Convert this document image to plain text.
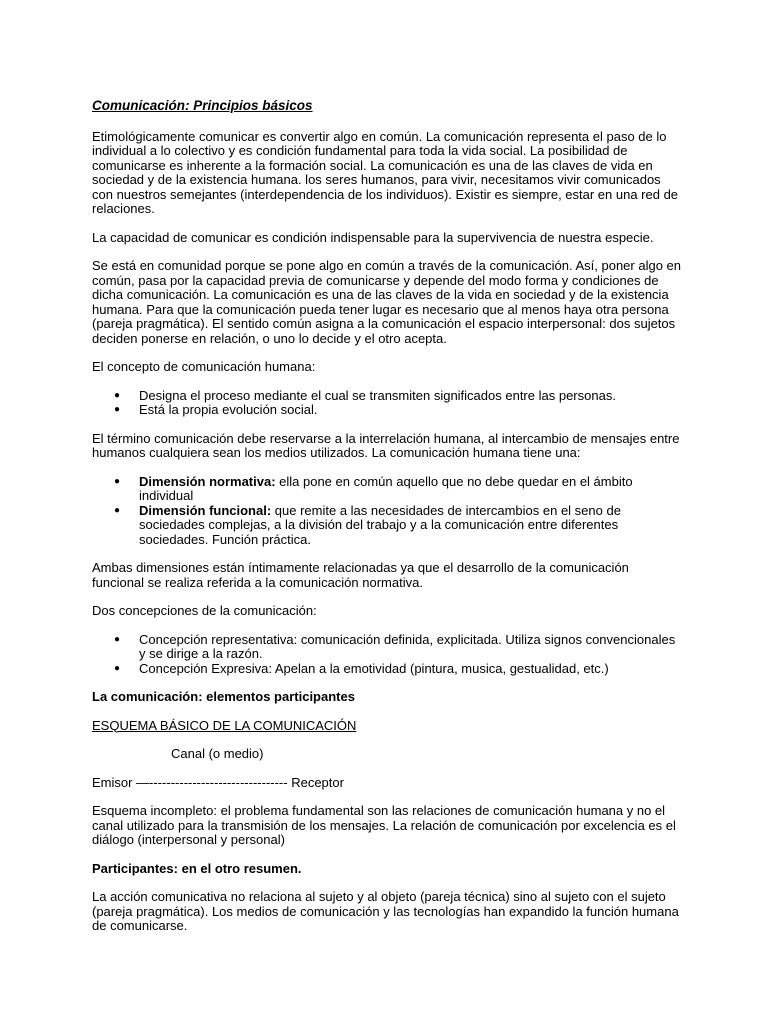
Comunicación: Principios básicos

Etimológicamente comunicar es convertir algo en común. La comunicación representa el paso de lo individual a lo colectivo y es condición fundamental para toda la vida social. La posibilidad de comunicarse es inherente a la formación social. La comunicación es una de las claves de vida en sociedad y de la existencia humana. los seres humanos, para vivir, necesitamos vivir comunicados con nuestros semejantes (interdependencia de los individuos). Existir es siempre, estar en una red de relaciones.

La capacidad de comunicar es condición indispensable para la supervivencia de nuestra especie.

Se está en comunidad porque se pone algo en común a través de la comunicación. Así, poner algo en común, pasa por la capacidad previa de comunicarse y depende del modo forma y condiciones de dicha comunicación. La comunicación es una de las claves de la vida en sociedad y de la existencia humana. Para que la comunicación pueda tener lugar es necesario que al menos haya otra persona (pareja pragmática). El sentido común asigna a la comunicación el espacio interpersonal: dos sujetos deciden ponerse en relación, o uno lo decide y el otro acepta.

El concepto de comunicación humana:

● Designa el proceso mediante el cual se transmiten significados entre las personas.
● Está la propia evolución social.

El término comunicación debe reservarse a la interrelación humana, al intercambio de mensajes entre humanos cualquiera sean los medios utilizados. La comunicación humana tiene una:

● Dimensión normativa: ella pone en común aquello que no debe quedar en el ámbito individual
● Dimensión funcional: que remite a las necesidades de intercambios en el seno de sociedades complejas, a la división del trabajo y a la comunicación entre diferentes sociedades. Función práctica.

Ambas dimensiones están íntimamente relacionadas ya que el desarrollo de la comunicación funcional se realiza referida a la comunicación normativa.

Dos concepciones de la comunicación:

● Concepción representativa: comunicación definida, explicitada. Utiliza signos convencionales y se dirige a la razón.
● Concepción Expresiva: Apelan a la emotividad (pintura, musica, gestualidad, etc.)

La comunicación: elementos participantes

ESQUEMA BÁSICO DE LA COMUNICACIÓN

Canal (o medio)

Emisor —-------------------------------- Receptor

Esquema incompleto: el problema fundamental son las relaciones de comunicación humana y no el canal utilizado para la transmisión de los mensajes. La relación de comunicación por excelencia es el diálogo (interpersonal y personal)

Participantes: en el otro resumen.

La acción comunicativa no relaciona al sujeto y al objeto (pareja técnica) sino al sujeto con el sujeto (pareja pragmática). Los medios de comunicación y las tecnologías han expandido la función humana de comunicarse.
